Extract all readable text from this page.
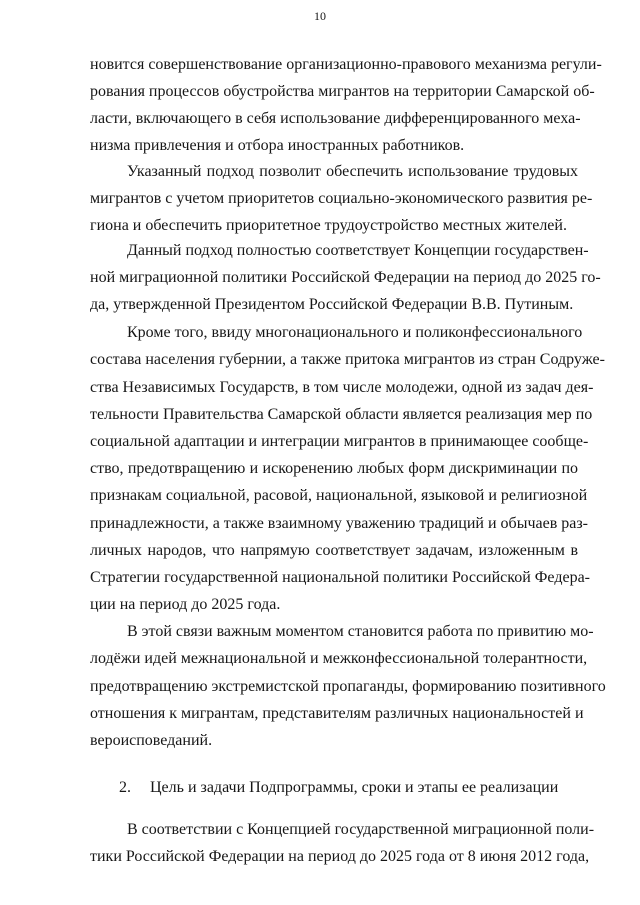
10
новится совершенствование организационно-правового механизма регули-
рования процессов обустройства мигрантов на территории Самарской об-
ласти, включающего в себя использование дифференцированного меха-
низма привлечения и отбора иностранных работников.
Указанный подход позволит обеспечить использование трудовых
мигрантов с учетом приоритетов социально-экономического развития ре-
гиона и обеспечить приоритетное трудоустройство местных жителей.
Данный подход полностью соответствует Концепции государствен-
ной миграционной политики Российской Федерации на период до 2025 го-
да, утвержденной Президентом Российской Федерации В.В. Путиным.
Кроме того, ввиду многонационального и поликонфессионального
состава населения губернии, а также притока мигрантов из стран Содруже-
ства Независимых Государств, в том числе молодежи, одной из задач дея-
тельности Правительства Самарской области является реализация мер по
социальной адаптации и интеграции мигрантов в принимающее сообще-
ство, предотвращению и искоренению любых форм дискриминации по
признакам социальной, расовой, национальной, языковой и религиозной
принадлежности, а также взаимному уважению традиций и обычаев раз-
личных народов, что напрямую соответствует задачам, изложенным в
Стратегии государственной национальной политики Российской Федера-
ции на период до 2025 года.
В этой связи важным моментом становится работа по привитию мо-
лодёжи идей межнациональной и межконфессиональной толерантности,
предотвращению экстремистской пропаганды, формированию позитивного
отношения к мигрантам, представителям различных национальностей и
вероисповеданий.
2. Цель и задачи Подпрограммы, сроки и этапы ее реализации
В соответствии с Концепцией государственной миграционной поли-
тики Российской Федерации на период до 2025 года от 8 июня 2012 года,
